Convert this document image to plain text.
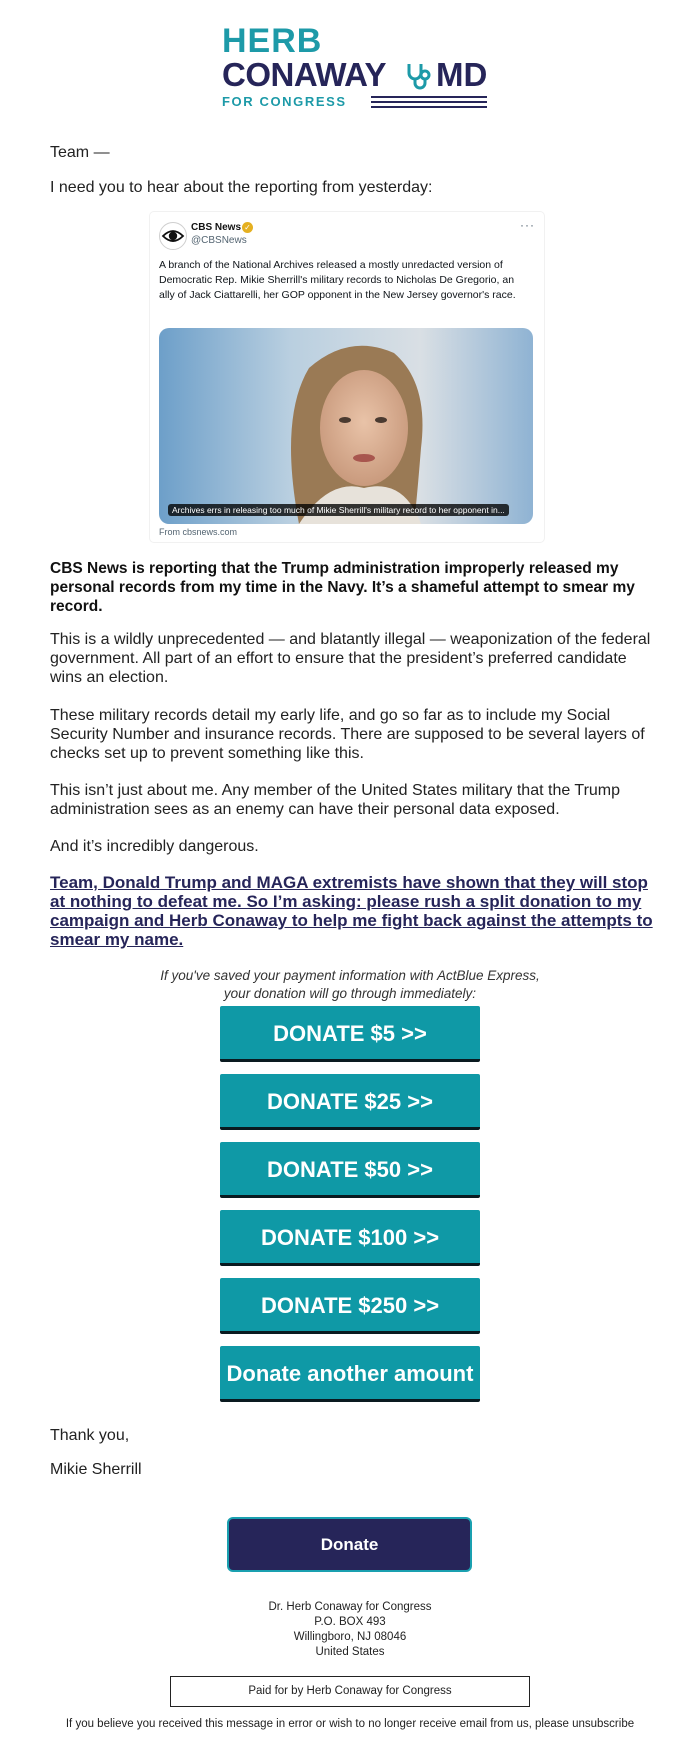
HERB
CONAWAY MD
FOR CONGRESS
Team —
I need you to hear about the reporting from yesterday:
CBS News ✓
@CBSNews
···
A branch of the National Archives released a mostly unredacted version of Democratic Rep. Mikie Sherrill's military records to Nicholas De Gregorio, an ally of Jack Ciattarelli, her GOP opponent in the New Jersey governor's race.
Archives errs in releasing too much of Mikie Sherrill's military record to her opponent in...
From cbsnews.com
CBS News is reporting that the Trump administration improperly released my personal records from my time in the Navy. It’s a shameful attempt to smear my record.
This is a wildly unprecedented — and blatantly illegal — weaponization of the federal government. All part of an effort to ensure that the president’s preferred candidate wins an election.
These military records detail my early life, and go so far as to include my Social Security Number and insurance records. There are supposed to be several layers of checks set up to prevent something like this.
This isn’t just about me. Any member of the United States military that the Trump administration sees as an enemy can have their personal data exposed.
And it’s incredibly dangerous.
Team, Donald Trump and MAGA extremists have shown that they will stop at nothing to defeat me. So I’m asking: please rush a split donation to my campaign and Herb Conaway to help me fight back against the attempts to smear my name.
If you've saved your payment information with ActBlue Express,
your donation will go through immediately:
DONATE $5 >>
DONATE $25 >>
DONATE $50 >>
DONATE $100 >>
DONATE $250 >>
Donate another amount
Thank you,
Mikie Sherrill
Donate
Dr. Herb Conaway for Congress
P.O. BOX 493
Willingboro, NJ 08046
United States
Paid for by Herb Conaway for Congress
If you believe you received this message in error or wish to no longer receive email from us, please unsubscribe
